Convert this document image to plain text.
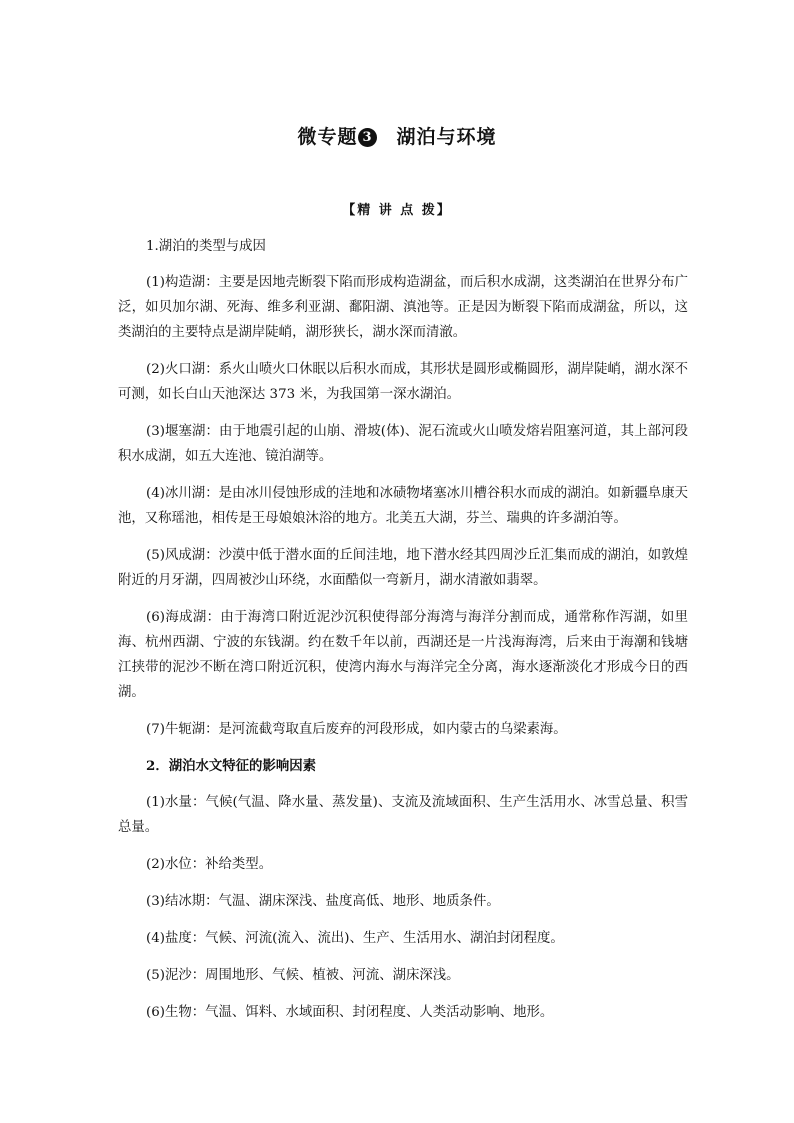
微专题 3 湖泊与环境
【精 讲 点 拨】

1.湖泊的类型与成因

(1)构造湖：主要是因地壳断裂下陷而形成构造湖盆，而后积水成湖，这类湖泊在世界分布广泛，如贝加尔湖、死海、维多利亚湖、鄱阳湖、滇池等。正是因为断裂下陷而成湖盆，所以，这类湖泊的主要特点是湖岸陡峭，湖形狭长，湖水深而清澈。

(2)火口湖：系火山喷火口休眠以后积水而成，其形状是圆形或椭圆形，湖岸陡峭，湖水深不可测，如长白山天池深达 373 米，为我国第一深水湖泊。

(3)堰塞湖：由于地震引起的山崩、滑坡(体)、泥石流或火山喷发熔岩阻塞河道，其上部河段积水成湖，如五大连池、镜泊湖等。

(4)冰川湖：是由冰川侵蚀形成的洼地和冰碛物堵塞冰川槽谷积水而成的湖泊。如新疆阜康天池，又称瑶池，相传是王母娘娘沐浴的地方。北美五大湖，芬兰、瑞典的许多湖泊等。

(5)风成湖：沙漠中低于潜水面的丘间洼地，地下潜水经其四周沙丘汇集而成的湖泊，如敦煌附近的月牙湖，四周被沙山环绕，水面酷似一弯新月，湖水清澈如翡翠。

(6)海成湖：由于海湾口附近泥沙沉积使得部分海湾与海洋分割而成，通常称作泻湖，如里海、杭州西湖、宁波的东钱湖。约在数千年以前，西湖还是一片浅海海湾，后来由于海潮和钱塘江挟带的泥沙不断在湾口附近沉积，使湾内海水与海洋完全分离，海水逐渐淡化才形成今日的西湖。

(7)牛轭湖：是河流截弯取直后废弃的河段形成，如内蒙古的乌梁素海。

2．湖泊水文特征的影响因素

(1)水量：气候(气温、降水量、蒸发量)、支流及流域面积、生产生活用水、冰雪总量、积雪总量。

(2)水位：补给类型。

(3)结冰期：气温、湖床深浅、盐度高低、地形、地质条件。

(4)盐度：气候、河流(流入、流出)、生产、生活用水、湖泊封闭程度。

(5)泥沙：周围地形、气候、植被、河流、湖床深浅。

(6)生物：气温、饵料、水域面积、封闭程度、人类活动影响、地形。
